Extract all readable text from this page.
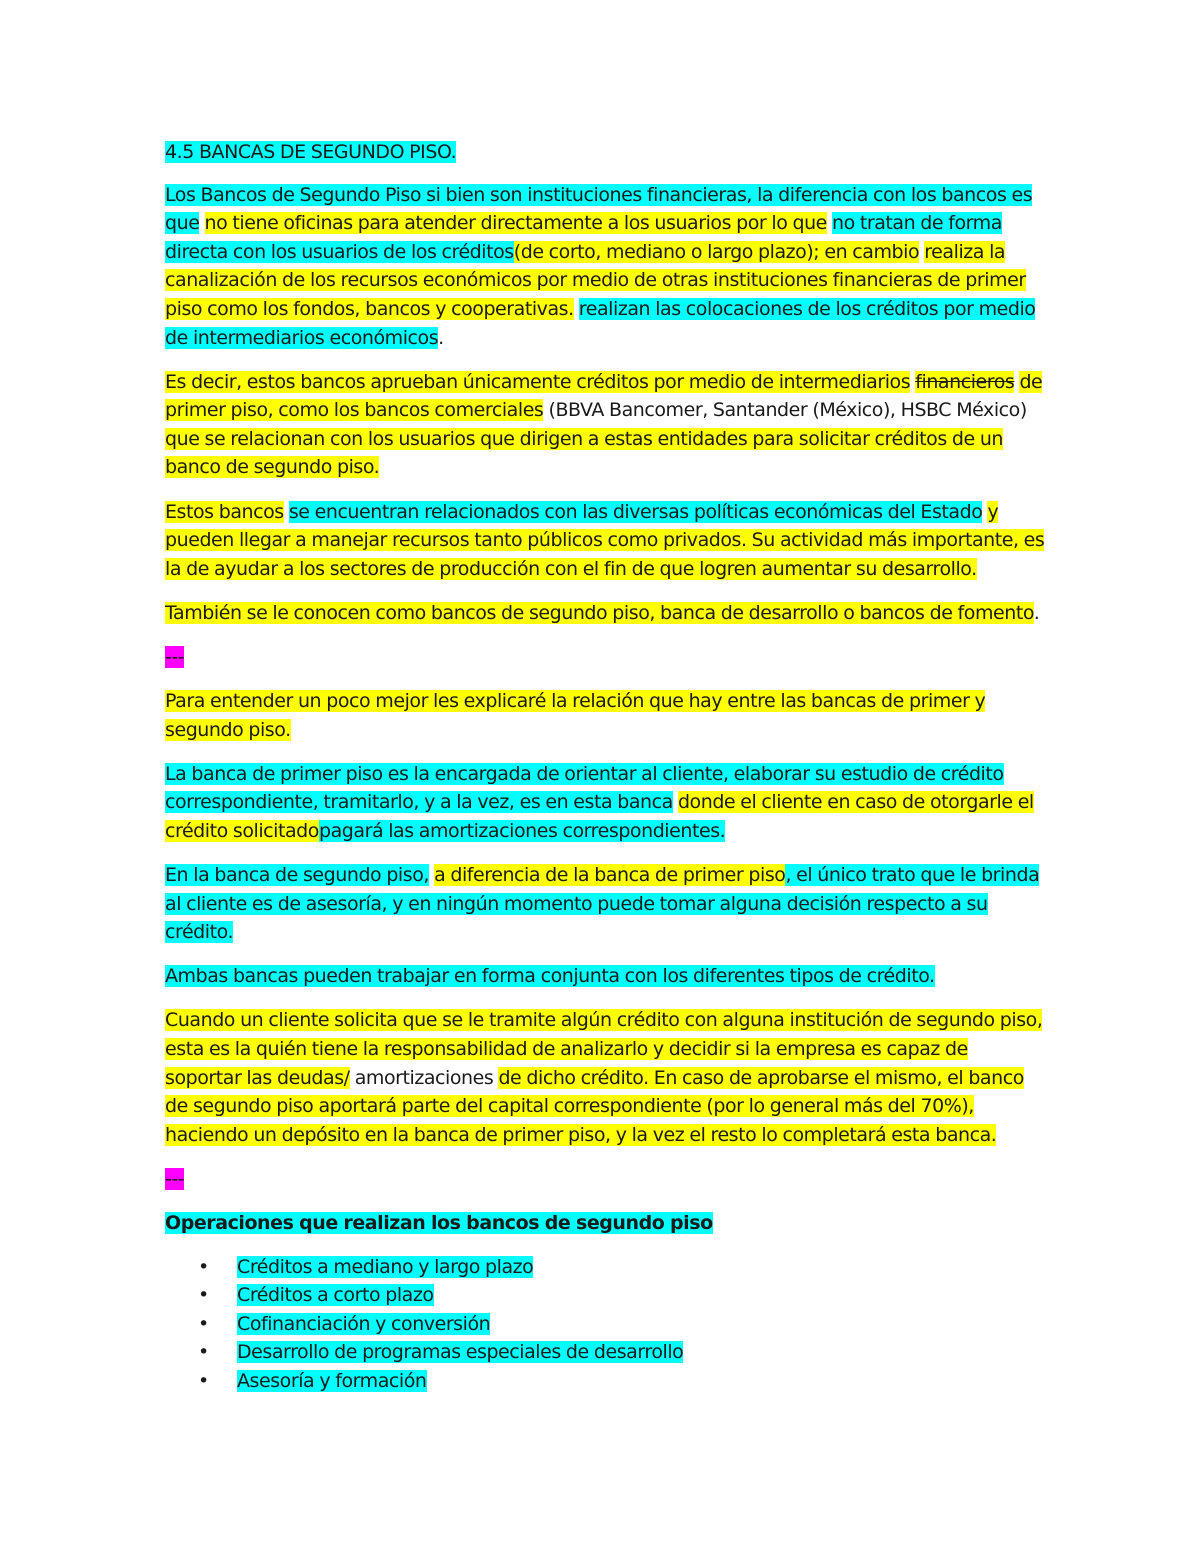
4.5 BANCAS DE SEGUNDO PISO.

Los Bancos de Segundo Piso si bien son instituciones financieras, la diferencia con los bancos es que no tiene oficinas para atender directamente a los usuarios por lo que no tratan de forma directa con los usuarios de los créditos(de corto, mediano o largo plazo); en cambio realiza la canalización de los recursos económicos por medio de otras instituciones financieras de primer piso como los fondos, bancos y cooperativas. realizan las colocaciones de los créditos por medio de intermediarios económicos.

Es decir, estos bancos aprueban únicamente créditos por medio de intermediarios financieros de primer piso, como los bancos comerciales (BBVA Bancomer, Santander (México), HSBC México) que se relacionan con los usuarios que dirigen a estas entidades para solicitar créditos de un banco de segundo piso.

Estos bancos se encuentran relacionados con las diversas políticas económicas del Estado y pueden llegar a manejar recursos tanto públicos como privados. Su actividad más importante, es la de ayudar a los sectores de producción con el fin de que logren aumentar su desarrollo.

También se le conocen como bancos de segundo piso, banca de desarrollo o bancos de fomento.

---

Para entender un poco mejor les explicaré la relación que hay entre las bancas de primer y segundo piso.

La banca de primer piso es la encargada de orientar al cliente, elaborar su estudio de crédito correspondiente, tramitarlo, y a la vez, es en esta banca donde el cliente en caso de otorgarle el crédito solicitadopagará las amortizaciones correspondientes.

En la banca de segundo piso, a diferencia de la banca de primer piso, el único trato que le brinda al cliente es de asesoría, y en ningún momento puede tomar alguna decisión respecto a su crédito.

Ambas bancas pueden trabajar en forma conjunta con los diferentes tipos de crédito.

Cuando un cliente solicita que se le tramite algún crédito con alguna institución de segundo piso, esta es la quién tiene la responsabilidad de analizarlo y decidir si la empresa es capaz de soportar las deudas/ amortizaciones de dicho crédito. En caso de aprobarse el mismo, el banco de segundo piso aportará parte del capital correspondiente (por lo general más del 70%), haciendo un depósito en la banca de primer piso, y la vez el resto lo completará esta banca.

---

Operaciones que realizan los bancos de segundo piso

• Créditos a mediano y largo plazo
• Créditos a corto plazo
• Cofinanciación y conversión
• Desarrollo de programas especiales de desarrollo
• Asesoría y formación
